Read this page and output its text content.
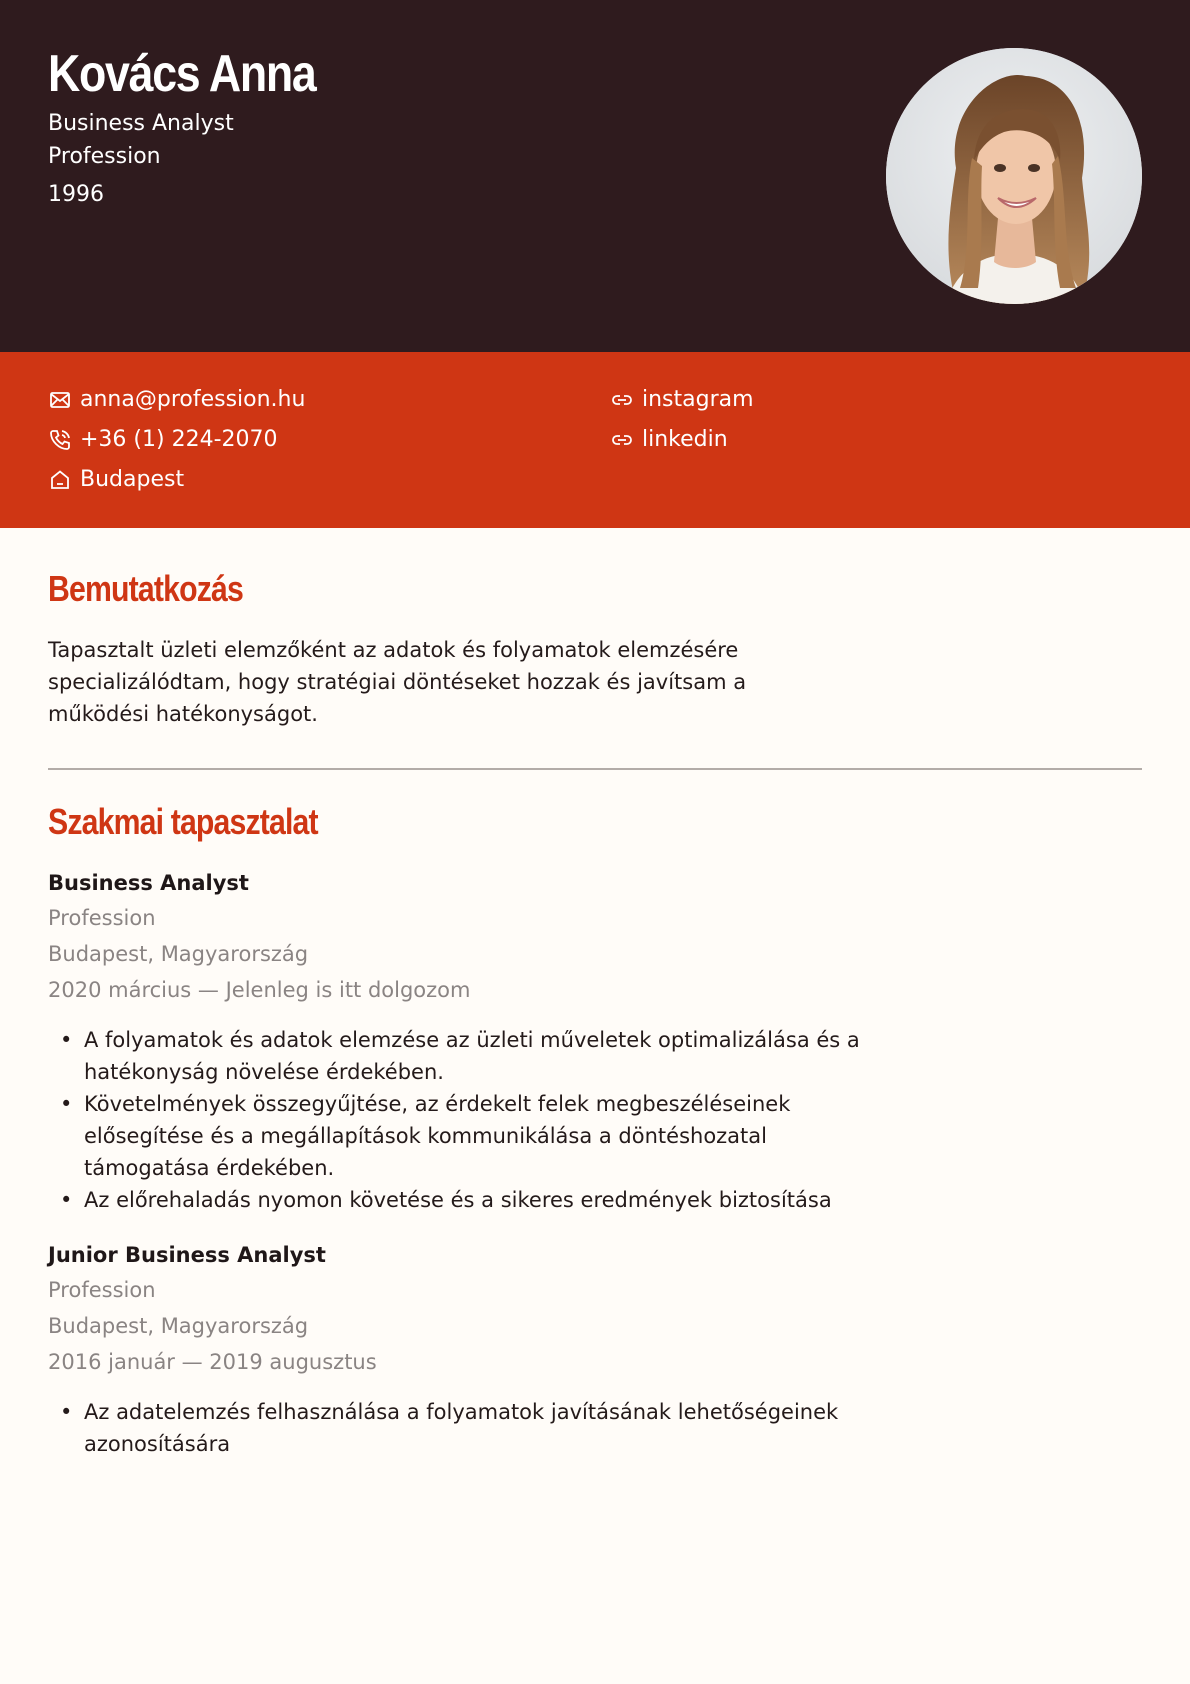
Kovács Anna
Business Analyst
Profession
1996
anna@profession.hu
+36 (1) 224-2070
Budapest
instagram
linkedin
Bemutatkozás
Tapasztalt üzleti elemzőként az adatok és folyamatok elemzésére specializálódtam, hogy stratégiai döntéseket hozzak és javítsam a működési hatékonyságot.
Szakmai tapasztalat
Business Analyst
Profession
Budapest, Magyarország
2020 március — Jelenleg is itt dolgozom
• A folyamatok és adatok elemzése az üzleti műveletek optimalizálása és a hatékonyság növelése érdekében.
• Követelmények összegyűjtése, az érdekelt felek megbeszéléseinek elősegítése és a megállapítások kommunikálása a döntéshozatal támogatása érdekében.
• Az előrehaladás nyomon követése és a sikeres eredmények biztosítása
Junior Business Analyst
Profession
Budapest, Magyarország
2016 január — 2019 augusztus
• Az adatelemzés felhasználása a folyamatok javításának lehetőségeinek azonosítására
